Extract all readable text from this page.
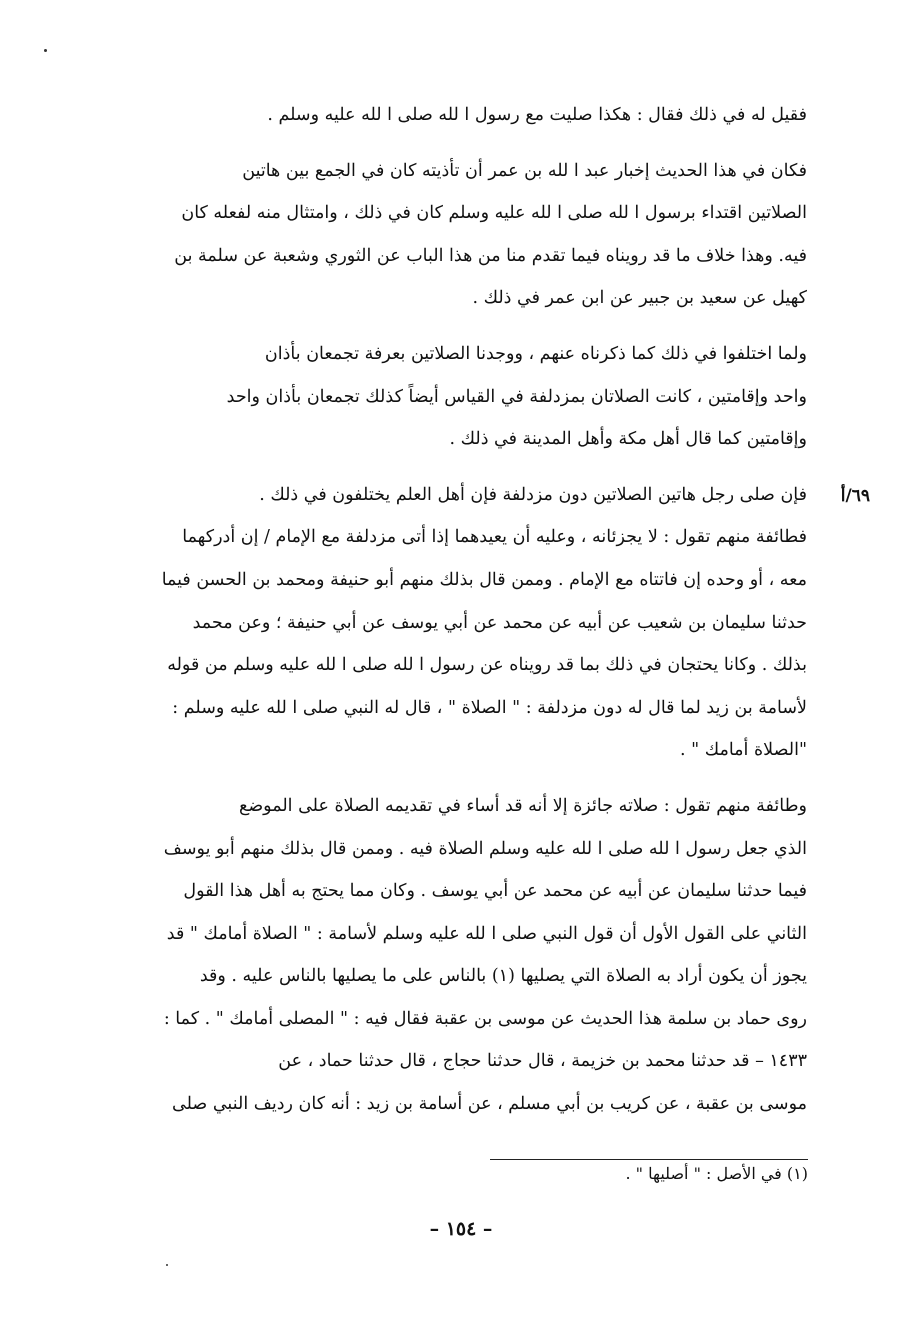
٦٩/أ
فقيل له في ذلك فقال : هكذا صليت مع رسول ا لله صلى ا لله عليه وسلم .
فكان في هذا الحديث إخبار عبد ا لله بن عمر أن تأذيته كان في الجمع بين هاتين
الصلاتين اقتداء برسول ا لله صلى ا لله عليه وسلم كان في ذلك ، وامتثال منه لفعله كان
فيه. وهذا خلاف ما قد رويناه فيما تقدم منا من هذا الباب عن الثوري وشعبة عن سلمة بن
كهيل عن سعيد بن جبير عن ابن عمر في ذلك .
ولما اختلفوا في ذلك كما ذكرناه عنهم ، ووجدنا الصلاتين بعرفة تجمعان بأذان
واحد وإقامتين ، كانت الصلاتان بمزدلفة في القياس أيضاً كذلك تجمعان بأذان واحد
وإقامتين كما قال أهل مكة وأهل المدينة في ذلك .
فإن صلى رجل هاتين الصلاتين دون مزدلفة فإن أهل العلم يختلفون في ذلك .
فطائفة منهم تقول : لا يجزئانه ، وعليه أن يعيدهما إذا أتى مزدلفة مع الإمام / إن أدركهما
معه ، أو وحده إن فاتتاه مع الإمام . وممن قال بذلك منهم أبو حنيفة ومحمد بن الحسن فيما
حدثنا سليمان بن شعيب عن أبيه عن محمد عن أبي يوسف عن أبي حنيفة ؛ وعن محمد
بذلك . وكانا يحتجان في ذلك بما قد رويناه عن رسول ا لله صلى ا لله عليه وسلم من قوله
لأسامة بن زيد لما قال له دون مزدلفة : " الصلاة " ، قال له النبي صلى ا لله عليه وسلم :
"الصلاة أمامك " .
وطائفة منهم تقول : صلاته جائزة إلا أنه قد أساء في تقديمه الصلاة على الموضع
الذي جعل رسول ا لله صلى ا لله عليه وسلم الصلاة فيه . وممن قال بذلك منهم أبو يوسف
فيما حدثنا سليمان عن أبيه عن محمد عن أبي يوسف . وكان مما يحتج به أهل هذا القول
الثاني على القول الأول أن قول النبي صلى ا لله عليه وسلم لأسامة : " الصلاة أمامك " قد
يجوز أن يكون أراد به الصلاة التي يصليها (١) بالناس على ما يصليها بالناس عليه . وقد
روى حماد بن سلمة هذا الحديث عن موسى بن عقبة فقال فيه : " المصلى أمامك " . كما :
١٤٣٣ – قد حدثنا محمد بن خزيمة ، قال حدثنا حجاج ، قال حدثنا حماد ، عن
موسى بن عقبة ، عن كريب بن أبي مسلم ، عن أسامة بن زيد : أنه كان رديف النبي صلى
(١) في الأصل : " أصليها " .
– ١٥٤ –
